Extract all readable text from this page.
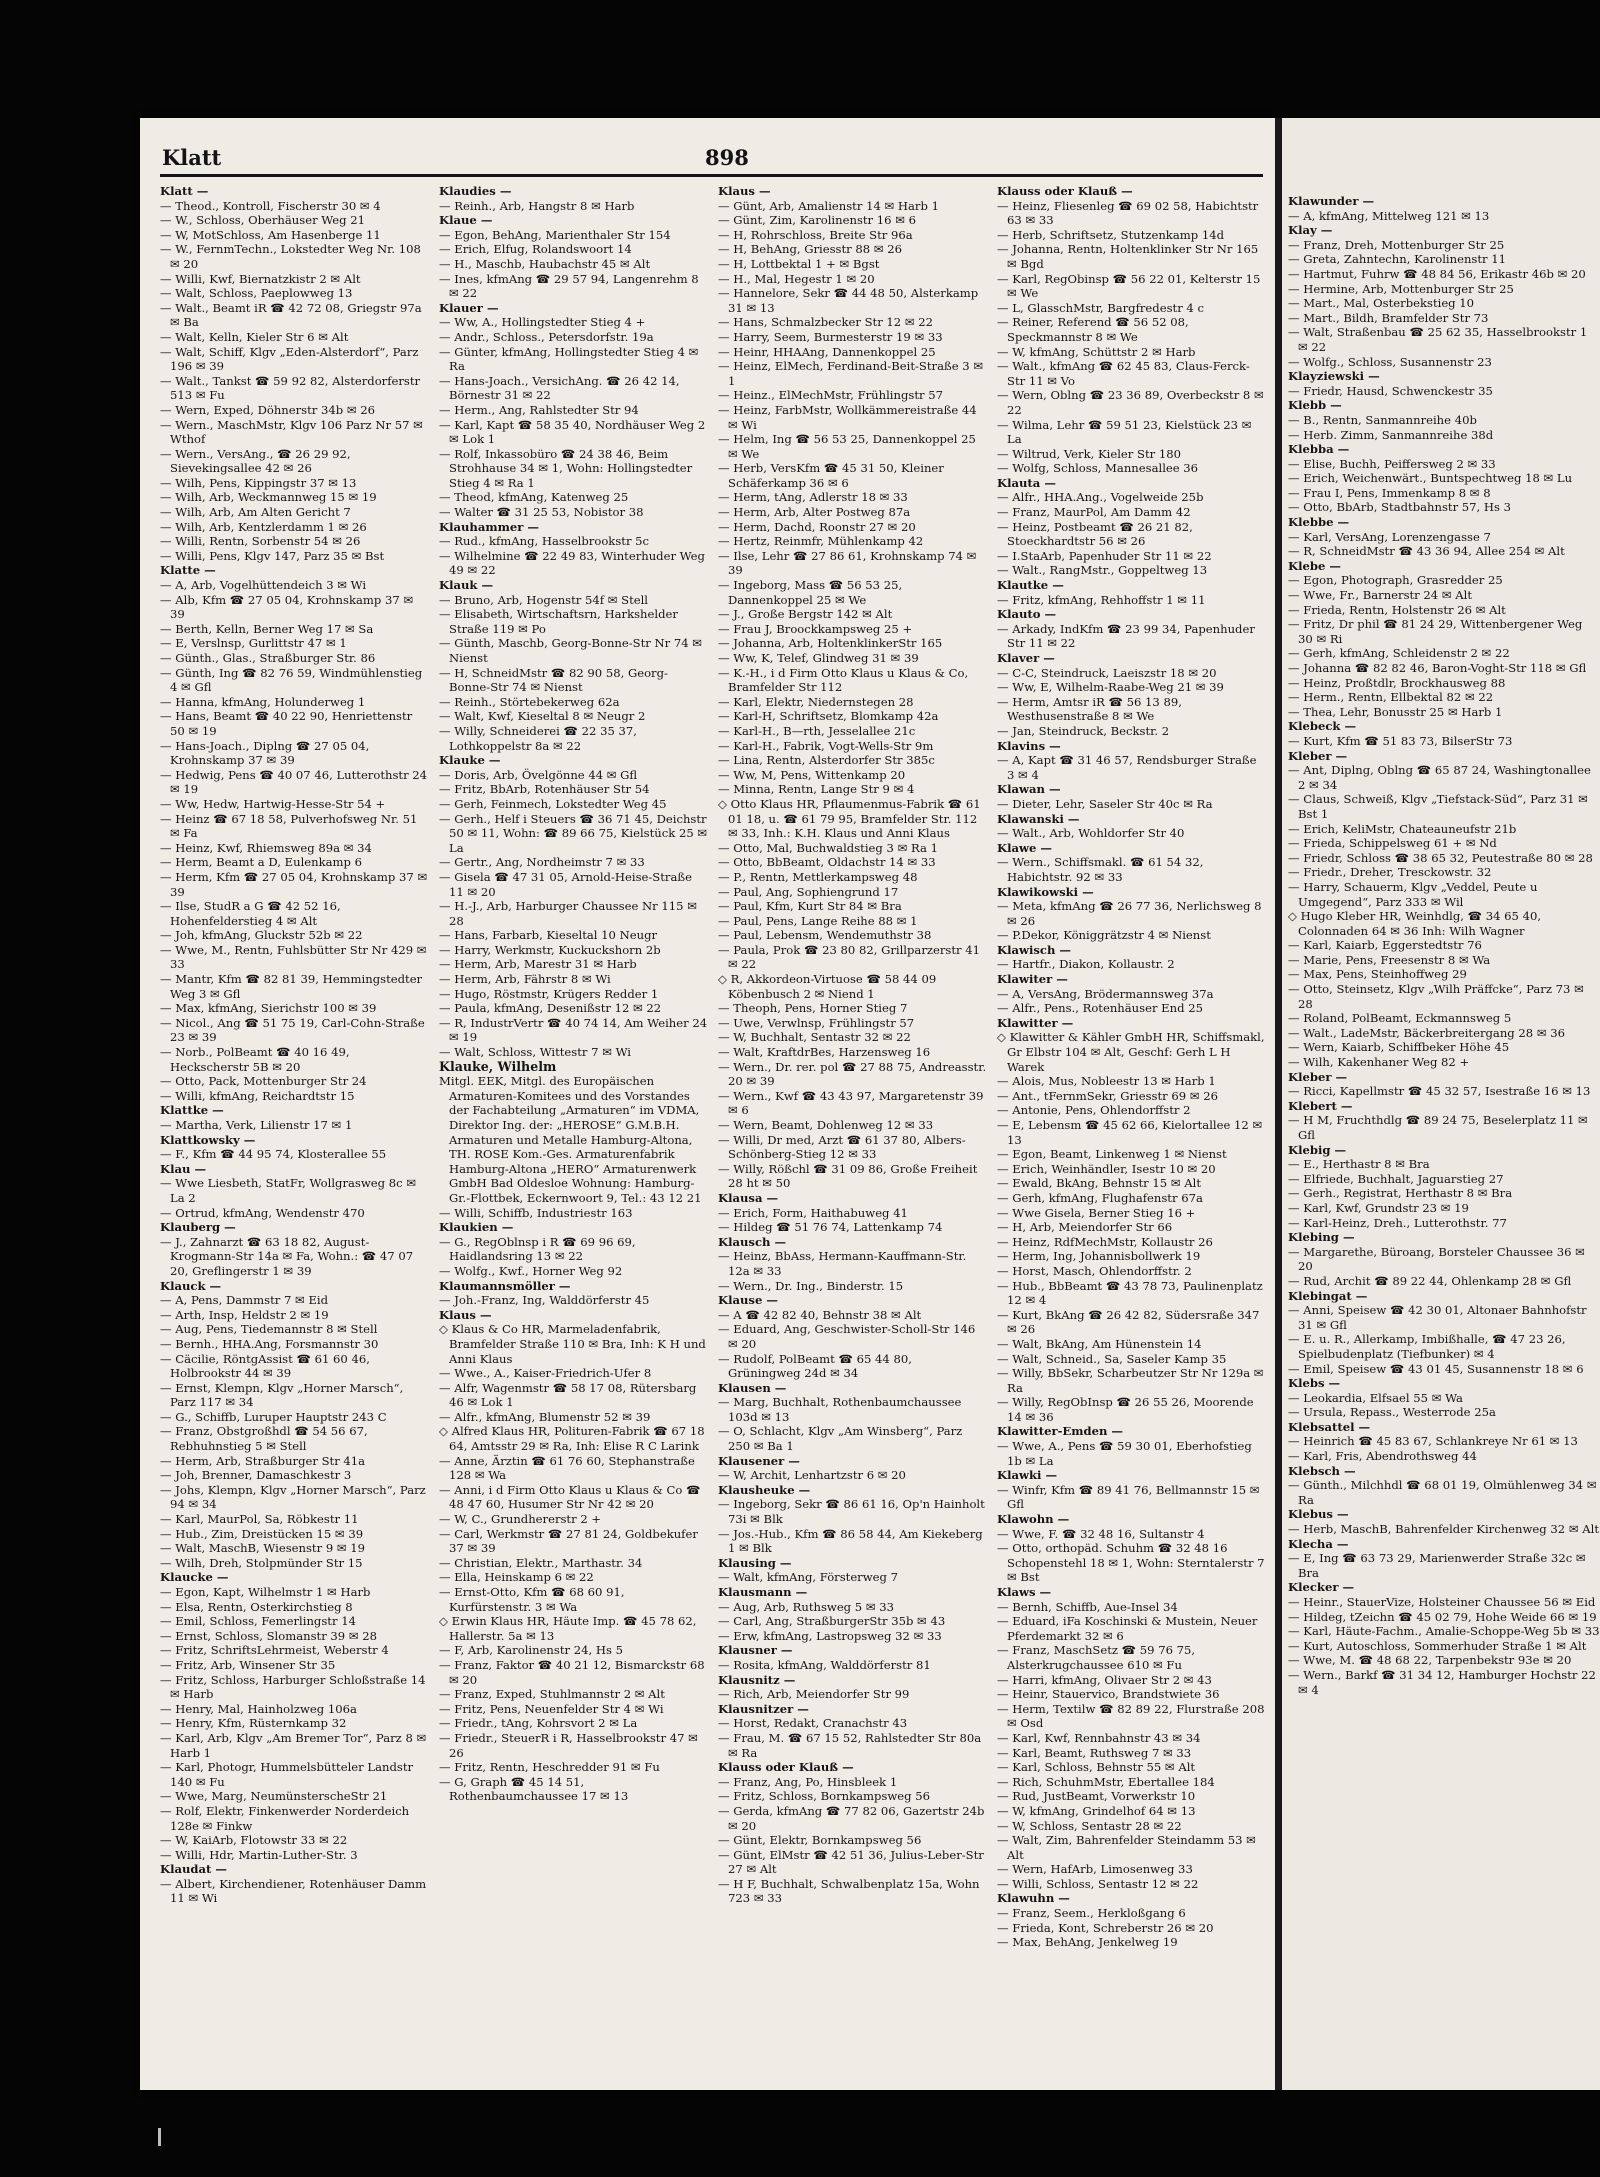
Klatt	898
Klatt —
— Theod., Kontroll, Fischerstr 30 ✉ 4
— W., Schloss, Oberhäuser Weg 21
— W, MotSchloss, Am Hasenberge 11
— W., FernmTechn., Lokstedter Weg Nr. 108 ✉ 20
— Willi, Kwf, Biernatzkistr 2 ✉ Alt
— Walt, Schloss, Paeplowweg 13
— Walt., Beamt iR ☎ 42 72 08, Griegstr 97a ✉ Ba
— Walt, Kelln, Kieler Str 6 ✉ Alt
— Walt, Schiff, Klgv „Eden-Alsterdorf“, Parz 196 ✉ 39
— Walt., Tankst ☎ 59 92 82, Alsterdorferstr 513 ✉ Fu
— Wern, Exped, Döhnerstr 34b ✉ 26
— Wern., MaschMstr, Klgv 106 Parz Nr 57 ✉ Wthof
— Wern., VersAng., ☎ 26 29 92, Sievekingsallee 42 ✉ 26
— Wilh, Pens, Kippingstr 37 ✉ 13
— Wilh, Arb, Weckmannweg 15 ✉ 19
— Wilh, Arb, Am Alten Gericht 7
— Wilh, Arb, Kentzlerdamm 1 ✉ 26
— Willi, Rentn, Sorbenstr 54 ✉ 26
— Willi, Pens, Klgv 147, Parz 35 ✉ Bst
Klatte —
— A, Arb, Vogelhüttendeich 3 ✉ Wi
— Alb, Kfm ☎ 27 05 04, Krohnskamp 37 ✉ 39
— Berth, Kelln, Berner Weg 17 ✉ Sa
— E, Verslnsp, Gurlittstr 47 ✉ 1
— Günth., Glas., Straßburger Str. 86
— Günth, Ing ☎ 82 76 59, Windmühlenstieg 4 ✉ Gfl
— Hanna, kfmAng, Holunderweg 1
— Hans, Beamt ☎ 40 22 90, Henriettenstr 50 ✉ 19
— Hans-Joach., Diplng ☎ 27 05 04, Krohnskamp 37 ✉ 39
— Hedwig, Pens ☎ 40 07 46, Lutterothstr 24 ✉ 19
— Ww, Hedw, Hartwig-Hesse-Str 54 +
— Heinz ☎ 67 18 58, Pulverhofsweg Nr. 51 ✉ Fa
— Heinz, Kwf, Rhiemsweg 89a ✉ 34
— Herm, Beamt a D, Eulenkamp 6
— Herm, Kfm ☎ 27 05 04, Krohnskamp 37 ✉ 39
— Ilse, StudR a G ☎ 42 52 16, Hohenfelderstieg 4 ✉ Alt
— Joh, kfmAng, Gluckstr 52b ✉ 22
— Wwe, M., Rentn, Fuhlsbütter Str Nr 429 ✉ 33
— Mantr, Kfm ☎ 82 81 39, Hemmingstedter Weg 3 ✉ Gfl
— Max, kfmAng, Sierichstr 100 ✉ 39
— Nicol., Ang ☎ 51 75 19, Carl-Cohn-Straße 23 ✉ 39
— Norb., PolBeamt ☎ 40 16 49, Heckscherstr 5B ✉ 20
— Otto, Pack, Mottenburger Str 24
— Willi, kfmAng, Reichardtstr 15
Klattke —
— Martha, Verk, Lilienstr 17 ✉ 1
Klattkowsky —
— F., Kfm ☎ 44 95 74, Klosterallee 55
Klau —
— Wwe Liesbeth, StatFr, Wollgrasweg 8c ✉ La 2
— Ortrud, kfmAng, Wendenstr 470
Klauberg —
— J., Zahnarzt ☎ 63 18 82, August-Krogmann-Str 14a ✉ Fa, Wohn.: ☎ 47 07 20, Greflingerstr 1 ✉ 39
Klauck —
— A, Pens, Dammstr 7 ✉ Eid
— Arth, Insp, Heldstr 2 ✉ 19
— Aug, Pens, Tiedemannstr 8 ✉ Stell
— Bernh., HHA.Ang, Forsmannstr 30
— Cäcilie, RöntgAssist ☎ 61 60 46, Holbrookstr 44 ✉ 39
— Ernst, Klempn, Klgv „Horner Marsch“, Parz 117 ✉ 34
— G., Schiffb, Luruper Hauptstr 243 C
— Franz, Obstgroßhdl ☎ 54 56 67, Rebhuhnstieg 5 ✉ Stell
— Herm, Arb, Straßburger Str 41a
— Joh, Brenner, Damaschkestr 3
— Johs, Klempn, Klgv „Horner Marsch“, Parz 94 ✉ 34
— Karl, MaurPol, Sa, Röbkestr 11
— Hub., Zim, Dreistücken 15 ✉ 39
— Walt, MaschB, Wiesenstr 9 ✉ 19
— Wilh, Dreh, Stolpmünder Str 15
Klaucke —
— Egon, Kapt, Wilhelmstr 1 ✉ Harb
— Elsa, Rentn, Osterkirchstieg 8
— Emil, Schloss, Femerlingstr 14
— Ernst, Schloss, Slomanstr 39 ✉ 28
— Fritz, SchriftsLehrmeist, Weberstr 4
— Fritz, Arb, Winsener Str 35
— Fritz, Schloss, Harburger Schloßstraße 14 ✉ Harb
— Henry, Mal, Hainholzweg 106a
— Henry, Kfm, Rüsternkamp 32
— Karl, Arb, Klgv „Am Bremer Tor“, Parz 8 ✉ Harb 1
— Karl, Photogr, Hummelsbütteler Landstr 140 ✉ Fu
— Wwe, Marg, NeumünsterscheStr 21
— Rolf, Elektr, Finkenwerder Norderdeich 128e ✉ Finkw
— W, KaiArb, Flotowstr 33 ✉ 22
— Willi, Hdr, Martin-Luther-Str. 3
Klaudat —
— Albert, Kirchendiener, Rotenhäuser Damm 11 ✉ Wi
Klaudies —
— Reinh., Arb, Hangstr 8 ✉ Harb
Klaue —
— Egon, BehAng, Marienthaler Str 154
— Erich, Elfug, Rolandswoort 14
— H., Maschb, Haubachstr 45 ✉ Alt
— Ines, kfmAng ☎ 29 57 94, Langenrehm 8 ✉ 22
Klauer —
— Ww, A., Hollingstedter Stieg 4 +
— Andr., Schloss., Petersdorfstr. 19a
— Günter, kfmAng, Hollingstedter Stieg 4 ✉ Ra
— Hans-Joach., VersichAng. ☎ 26 42 14, Börnestr 31 ✉ 22
— Herm., Ang, Rahlstedter Str 94
— Karl, Kapt ☎ 58 35 40, Nordhäuser Weg 2 ✉ Lok 1
— Rolf, Inkassobüro ☎ 24 38 46, Beim Strohhause 34 ✉ 1, Wohn: Hollingstedter Stieg 4 ✉ Ra 1
— Theod, kfmAng, Katenweg 25
— Walter ☎ 31 25 53, Nobistor 38
Klauhammer —
— Rud., kfmAng, Hasselbrookstr 5c
— Wilhelmine ☎ 22 49 83, Winterhuder Weg 49 ✉ 22
Klauk —
— Bruno, Arb, Hogenstr 54f ✉ Stell
— Elisabeth, Wirtschaftsrn, Harkshelder Straße 119 ✉ Po
— Günth, Maschb, Georg-Bonne-Str Nr 74 ✉ Nienst
— H, SchneidMstr ☎ 82 90 58, Georg-Bonne-Str 74 ✉ Nienst
— Reinh., Störtebekerweg 62a
— Walt, Kwf, Kieseltal 8 ✉ Neugr 2
— Willy, Schneiderei ☎ 22 35 37, Lothkoppelstr 8a ✉ 22
Klauke —
— Doris, Arb, Övelgönne 44 ✉ Gfl
— Fritz, BbArb, Rotenhäuser Str 54
— Gerh, Feinmech, Lokstedter Weg 45
— Gerh., Helf i Steuers ☎ 36 71 45, Deichstr 50 ✉ 11, Wohn: ☎ 89 66 75, Kielstück 25 ✉ La
— Gertr., Ang, Nordheimstr 7 ✉ 33
— Gisela ☎ 47 31 05, Arnold-Heise-Straße 11 ✉ 20
— H.-J., Arb, Harburger Chaussee Nr 115 ✉ 28
— Hans, Farbarb, Kieseltal 10 Neugr
— Harry, Werkmstr, Kuckuckshorn 2b
— Herm, Arb, Marestr 31 ✉ Harb
— Herm, Arb, Fährstr 8 ✉ Wi
— Hugo, Röstmstr, Krügers Redder 1
— Paula, kfmAng, Desenißstr 12 ✉ 22
— R, IndustrVertr ☎ 40 74 14, Am Weiher 24 ✉ 19
— Walt, Schloss, Wittestr 7 ✉ Wi
Klauke, Wilhelm
Mitgl. EEK, Mitgl. des Europäischen Armaturen-Komitees und des Vorstandes der Fachabteilung „Armaturen“ im VDMA, Direktor Ing. der: „HEROSE“ G.M.B.H. Armaturen und Metalle Hamburg-Altona, TH. ROSE Kom.-Ges. Armaturenfabrik Hamburg-Altona „HERO“ Armaturenwerk GmbH Bad Oldesloe Wohnung: Hamburg-Gr.-Flottbek, Eckernwoort 9, Tel.: 43 12 21
— Willi, Schiffb, Industriestr 163
Klaukien —
— G., RegOblnsp i R ☎ 69 96 69, Haidlandsring 13 ✉ 22
— Wolfg., Kwf., Horner Weg 92
Klaumannsmöller —
— Joh.-Franz, Ing, Walddörferstr 45
Klaus —
◇ Klaus & Co HR, Marmeladenfabrik, Bramfelder Straße 110 ✉ Bra, Inh: K H und Anni Klaus
— Wwe., A., Kaiser-Friedrich-Ufer 8
— Alfr, Wagenmstr ☎ 58 17 08, Rütersbarg 46 ✉ Lok 1
— Alfr., kfmAng, Blumenstr 52 ✉ 39
◇ Alfred Klaus HR, Polituren-Fabrik ☎ 67 18 64, Amtsstr 29 ✉ Ra, Inh: Elise R C Larink
— Anne, Ärztin ☎ 61 76 60, Stephanstraße 128 ✉ Wa
— Anni, i d Firm Otto Klaus u Klaus & Co ☎ 48 47 60, Husumer Str Nr 42 ✉ 20
— W, C., Grundhererstr 2 +
— Carl, Werkmstr ☎ 27 81 24, Goldbekufer 37 ✉ 39
— Christian, Elektr., Marthastr. 34
— Ella, Heinskamp 6 ✉ 22
— Ernst-Otto, Kfm ☎ 68 60 91, Kurfürstenstr. 3 ✉ Wa
◇ Erwin Klaus HR, Häute Imp. ☎ 45 78 62, Hallerstr. 5a ✉ 13
— F, Arb, Karolinenstr 24, Hs 5
— Franz, Faktor ☎ 40 21 12, Bismarckstr 68 ✉ 20
— Franz, Exped, Stuhlmannstr 2 ✉ Alt
— Fritz, Pens, Neuenfelder Str 4 ✉ Wi
— Friedr., tAng, Kohrsvort 2 ✉ La
— Friedr., SteuerR i R, Hasselbrookstr 47 ✉ 26
— Fritz, Rentn, Heschredder 91 ✉ Fu
— G, Graph ☎ 45 14 51, Rothenbaumchaussee 17 ✉ 13
Klaus —
— Günt, Arb, Amalienstr 14 ✉ Harb 1
— Günt, Zim, Karolinenstr 16 ✉ 6
— H, Rohrschloss, Breite Str 96a
— H, BehAng, Griesstr 88 ✉ 26
— H, Lottbektal 1 + ✉ Bgst
— H., Mal, Hegestr 1 ✉ 20
— Hannelore, Sekr ☎ 44 48 50, Alsterkamp 31 ✉ 13
— Hans, Schmalzbecker Str 12 ✉ 22
— Harry, Seem, Burmesterstr 19 ✉ 33
— Heinr, HHAAng, Dannenkoppel 25
— Heinz, ElMech, Ferdinand-Beit-Straße 3 ✉ 1
— Heinz., ElMechMstr, Frühlingstr 57
— Heinz, FarbMstr, Wollkämmereistraße 44 ✉ Wi
— Helm, Ing ☎ 56 53 25, Dannenkoppel 25 ✉ We
— Herb, VersKfm ☎ 45 31 50, Kleiner Schäferkamp 36 ✉ 6
— Herm, tAng, Adlerstr 18 ✉ 33
— Herm, Arb, Alter Postweg 87a
— Herm, Dachd, Roonstr 27 ✉ 20
— Hertz, Reinmfr, Mühlenkamp 42
— Ilse, Lehr ☎ 27 86 61, Krohnskamp 74 ✉ 39
— Ingeborg, Mass ☎ 56 53 25, Dannenkoppel 25 ✉ We
— J., Große Bergstr 142 ✉ Alt
— Frau J, Broockkampsweg 25 +
— Johanna, Arb, HoltenklinkerStr 165
— Ww, K, Telef, Glindweg 31 ✉ 39
— K.-H., i d Firm Otto Klaus u Klaus & Co, Bramfelder Str 112
— Karl, Elektr, Niedernstegen 28
— Karl-H, Schriftsetz, Blomkamp 42a
— Karl-H., B—rth, Jesselallee 21c
— Karl-H., Fabrik, Vogt-Wells-Str 9m
— Lina, Rentn, Alsterdorfer Str 385c
— Ww, M, Pens, Wittenkamp 20
— Minna, Rentn, Lange Str 9 ✉ 4
◇ Otto Klaus HR, Pflaumenmus-Fabrik ☎ 61 01 18, u. ☎ 61 79 95, Bramfelder Str. 112 ✉ 33, Inh.: K.H. Klaus und Anni Klaus
— Otto, Mal, Buchwaldstieg 3 ✉ Ra 1
— Otto, BbBeamt, Oldachstr 14 ✉ 33
— P., Rentn, Mettlerkampsweg 48
— Paul, Ang, Sophiengrund 17
— Paul, Kfm, Kurt Str 84 ✉ Bra
— Paul, Pens, Lange Reihe 88 ✉ 1
— Paul, Lebensm, Wendemuthstr 38
— Paula, Prok ☎ 23 80 82, Grillparzerstr 41 ✉ 22
◇ R, Akkordeon-Virtuose ☎ 58 44 09 Köbenbusch 2 ✉ Niend 1
— Theoph, Pens, Horner Stieg 7
— Uwe, Verwlnsp, Frühlingstr 57
— W, Buchhalt, Sentastr 32 ✉ 22
— Walt, KraftdrBes, Harzensweg 16
— Wern., Dr. rer. pol ☎ 27 88 75, Andreasstr. 20 ✉ 39
— Wern., Kwf ☎ 43 43 97, Margaretenstr 39 ✉ 6
— Wern, Beamt, Dohlenweg 12 ✉ 33
— Willi, Dr med, Arzt ☎ 61 37 80, Albers-Schönberg-Stieg 12 ✉ 33
— Willy, Rößchl ☎ 31 09 86, Große Freiheit 28 ht ✉ 50
Klausa —
— Erich, Form, Haithabuweg 41
— Hildeg ☎ 51 76 74, Lattenkamp 74
Klausch —
— Heinz, BbAss, Hermann-Kauffmann-Str. 12a ✉ 33
— Wern., Dr. Ing., Binderstr. 15
Klause —
— A ☎ 42 82 40, Behnstr 38 ✉ Alt
— Eduard, Ang, Geschwister-Scholl-Str 146 ✉ 20
— Rudolf, PolBeamt ☎ 65 44 80, Grüningweg 24d ✉ 34
Klausen —
— Marg, Buchhalt, Rothenbaumchaussee 103d ✉ 13
— O, Schlacht, Klgv „Am Winsberg“, Parz 250 ✉ Ba 1
Klausener —
— W, Archit, Lenhartzstr 6 ✉ 20
Klausheuke —
— Ingeborg, Sekr ☎ 86 61 16, Op'n Hainholt 73i ✉ Blk
— Jos.-Hub., Kfm ☎ 86 58 44, Am Kiekeberg 1 ✉ Blk
Klausing —
— Walt, kfmAng, Försterweg 7
Klausmann —
— Aug, Arb, Ruthsweg 5 ✉ 33
— Carl, Ang, StraßburgerStr 35b ✉ 43
— Erw, kfmAng, Lastropsweg 32 ✉ 33
Klausner —
— Rosita, kfmAng, Walddörferstr 81
Klausnitz —
— Rich, Arb, Meiendorfer Str 99
Klausnitzer —
— Horst, Redakt, Cranachstr 43
— Frau, M. ☎ 67 15 52, Rahlstedter Str 80a ✉ Ra
Klauss oder Klauß —
— Franz, Ang, Po, Hinsbleek 1
— Fritz, Schloss, Bornkampsweg 56
— Gerda, kfmAng ☎ 77 82 06, Gazertstr 24b ✉ 20
— Günt, Elektr, Bornkampsweg 56
— Günt, ElMstr ☎ 42 51 36, Julius-Leber-Str 27 ✉ Alt
— H F, Buchhalt, Schwalbenplatz 15a, Wohn 723 ✉ 33
Klauss oder Klauß —
— Heinz, Fliesenleg ☎ 69 02 58, Habichtstr 63 ✉ 33
— Herb, Schriftsetz, Stutzenkamp 14d
— Johanna, Rentn, Holtenklinker Str Nr 165 ✉ Bgd
— Karl, RegObinsp ☎ 56 22 01, Kelterstr 15 ✉ We
— L, GlasschMstr, Bargfredestr 4 c
— Reiner, Referend ☎ 56 52 08, Speckmannstr 8 ✉ We
— W, kfmAng, Schüttstr 2 ✉ Harb
— Walt., kfmAng ☎ 62 45 83, Claus-Ferck-Str 11 ✉ Vo
— Wern, Oblng ☎ 23 36 89, Overbeckstr 8 ✉ 22
— Wilma, Lehr ☎ 59 51 23, Kielstück 23 ✉ La
— Wiltrud, Verk, Kieler Str 180
— Wolfg, Schloss, Mannesallee 36
Klauta —
— Alfr., HHA.Ang., Vogelweide 25b
— Franz, MaurPol, Am Damm 42
— Heinz, Postbeamt ☎ 26 21 82, Stoeckhardtstr 56 ✉ 26
— I.StaArb, Papenhuder Str 11 ✉ 22
— Walt., RangMstr., Goppeltweg 13
Klautke —
— Fritz, kfmAng, Rehhoffstr 1 ✉ 11
Klauto —
— Arkady, IndKfm ☎ 23 99 34, Papenhuder Str 11 ✉ 22
Klaver —
— C-C, Steindruck, Laeiszstr 18 ✉ 20
— Ww, E, Wilhelm-Raabe-Weg 21 ✉ 39
— Herm, Amtsr iR ☎ 56 13 89, Westhusenstraße 8 ✉ We
— Jan, Steindruck, Beckstr. 2
Klavins —
— A, Kapt ☎ 31 46 57, Rendsburger Straße 3 ✉ 4
Klawan —
— Dieter, Lehr, Saseler Str 40c ✉ Ra
Klawanski —
— Walt., Arb, Wohldorfer Str 40
Klawe —
— Wern., Schiffsmakl. ☎ 61 54 32, Habichtstr. 92 ✉ 33
Klawikowski —
— Meta, kfmAng ☎ 26 77 36, Nerlichsweg 8 ✉ 26
— P.Dekor, Königgrätzstr 4 ✉ Nienst
Klawisch —
— Hartfr., Diakon, Kollaustr. 2
Klawiter —
— A, VersAng, Brödermannsweg 37a
— Alfr., Pens., Rotenhäuser End 25
Klawitter —
◇ Klawitter & Kähler GmbH HR, Schiffsmakl, Gr Elbstr 104 ✉ Alt, Geschf: Gerh L H Warek
— Alois, Mus, Nobleestr 13 ✉ Harb 1
— Ant., tFernmSekr, Griesstr 69 ✉ 26
— Antonie, Pens, Ohlendorffstr 2
— E, Lebensm ☎ 45 62 66, Kielortallee 12 ✉ 13
— Egon, Beamt, Linkenweg 1 ✉ Nienst
— Erich, Weinhändler, Isestr 10 ✉ 20
— Ewald, BkAng, Behnstr 15 ✉ Alt
— Gerh, kfmAng, Flughafenstr 67a
— Wwe Gisela, Berner Stieg 16 +
— H, Arb, Meiendorfer Str 66
— Heinz, RdfMechMstr, Kollaustr 26
— Herm, Ing, Johannisbollwerk 19
— Horst, Masch, Ohlendorffstr. 2
— Hub., BbBeamt ☎ 43 78 73, Paulinenplatz 12 ✉ 4
— Kurt, BkAng ☎ 26 42 82, Südersraße 347 ✉ 26
— Walt, BkAng, Am Hünenstein 14
— Walt, Schneid., Sa, Saseler Kamp 35
— Willy, BbSekr, Scharbeutzer Str Nr 129a ✉ Ra
— Willy, RegObInsp ☎ 26 55 26, Moorende 14 ✉ 36
Klawitter-Emden —
— Wwe, A., Pens ☎ 59 30 01, Eberhofstieg 1b ✉ La
Klawki —
— Winfr, Kfm ☎ 89 41 76, Bellmannstr 15 ✉ Gfl
Klawohn —
— Wwe, F. ☎ 32 48 16, Sultanstr 4
— Otto, orthopäd. Schuhm ☎ 32 48 16 Schopenstehl 18 ✉ 1, Wohn: Sterntalerstr 7 ✉ Bst
Klaws —
— Bernh, Schiffb, Aue-Insel 34
— Eduard, iFa Koschinski & Mustein, Neuer Pferdemarkt 32 ✉ 6
— Franz, MaschSetz ☎ 59 76 75, Alsterkrugchaussee 610 ✉ Fu
— Harri, kfmAng, Olivaer Str 2 ✉ 43
— Heinr, Stauervico, Brandstwiete 36
— Herm, Textilw ☎ 82 89 22, Flurstraße 208 ✉ Osd
— Karl, Kwf, Rennbahnstr 43 ✉ 34
— Karl, Beamt, Ruthsweg 7 ✉ 33
— Karl, Schloss, Behnstr 55 ✉ Alt
— Rich, SchuhmMstr, Ebertallee 184
— Rud, JustBeamt, Vorwerkstr 10
— W, kfmAng, Grindelhof 64 ✉ 13
— W, Schloss, Sentastr 28 ✉ 22
— Walt, Zim, Bahrenfelder Steindamm 53 ✉ Alt
— Wern, HafArb, Limosenweg 33
— Willi, Schloss, Sentastr 12 ✉ 22
Klawuhn —
— Franz, Seem., Herkloßgang 6
— Frieda, Kont, Schreberstr 26 ✉ 20
— Max, BehAng, Jenkelweg 19
Klawunder —
— A, kfmAng, Mittelweg 121 ✉ 13
Klay —
— Franz, Dreh, Mottenburger Str 25
— Greta, Zahntechn, Karolinenstr 11
— Hartmut, Fuhrw ☎ 48 84 56, Erikastr 46b ✉ 20
— Hermine, Arb, Mottenburger Str 25
— Mart., Mal, Osterbekstieg 10
— Mart., Bildh, Bramfelder Str 73
— Walt, Straßenbau ☎ 25 62 35, Hasselbrookstr 1 ✉ 22
— Wolfg., Schloss, Susannenstr 23
Klayziewski —
— Friedr, Hausd, Schwenckestr 35
Klebb —
— B., Rentn, Sanmannreihe 40b
— Herb. Zimm, Sanmannreihe 38d
Klebba —
— Elise, Buchh, Peiffersweg 2 ✉ 33
— Erich, Weichenwärt., Buntspechtweg 18 ✉ Lu
— Frau I, Pens, Immenkamp 8 ✉ 8
— Otto, BbArb, Stadtbahnstr 57, Hs 3
Klebbe —
— Karl, VersAng, Lorenzengasse 7
— R, SchneidMstr ☎ 43 36 94, Allee 254 ✉ Alt
Klebe —
— Egon, Photograph, Grasredder 25
— Wwe, Fr., Barnerstr 24 ✉ Alt
— Frieda, Rentn, Holstenstr 26 ✉ Alt
— Fritz, Dr phil ☎ 81 24 29, Wittenbergener Weg 30 ✉ Ri
— Gerh, kfmAng, Schleidenstr 2 ✉ 22
— Johanna ☎ 82 82 46, Baron-Voght-Str 118 ✉ Gfl
— Heinz, Proßtdlr, Brockhausweg 88
— Herm., Rentn, Ellbektal 82 ✉ 22
— Thea, Lehr, Bonusstr 25 ✉ Harb 1
Klebeck —
— Kurt, Kfm ☎ 51 83 73, BilserStr 73
Kleber —
— Ant, Diplng, Oblng ☎ 65 87 24, Washingtonallee 2 ✉ 34
— Claus, Schweiß, Klgv „Tiefstack-Süd“, Parz 31 ✉ Bst 1
— Erich, KeliMstr, Chateauneufstr 21b
— Frieda, Schippelsweg 61 + ✉ Nd
— Friedr, Schloss ☎ 38 65 32, Peutestraße 80 ✉ 28
— Friedr., Dreher, Tresckowstr. 32
— Harry, Schauerm, Klgv „Veddel, Peute u Umgegend“, Parz 333 ✉ Wil
◇ Hugo Kleber HR, Weinhdlg, ☎ 34 65 40, Colonnaden 64 ✉ 36 Inh: Wilh Wagner
— Karl, Kaiarb, Eggerstedtstr 76
— Marie, Pens, Freesenstr 8 ✉ Wa
— Max, Pens, Steinhoffweg 29
— Otto, Steinsetz, Klgv „Wilh Präffcke“, Parz 73 ✉ 28
— Roland, PolBeamt, Eckmannsweg 5
— Walt., LadeMstr, Bäckerbreitergang 28 ✉ 36
— Wern, Kaiarb, Schiffbeker Höhe 45
— Wilh, Kakenhaner Weg 82 +
Kleber —
— Ricci, Kapellmstr ☎ 45 32 57, Isestraße 16 ✉ 13
Klebert —
— H M, Fruchthdlg ☎ 89 24 75, Beselerplatz 11 ✉ Gfl
Klebig —
— E., Herthastr 8 ✉ Bra
— Elfriede, Buchhalt, Jaguarstieg 27
— Gerh., Registrat, Herthastr 8 ✉ Bra
— Karl, Kwf, Grundstr 23 ✉ 19
— Karl-Heinz, Dreh., Lutterothstr. 77
Klebing —
— Margarethe, Büroang, Borsteler Chaussee 36 ✉ 20
— Rud, Archit ☎ 89 22 44, Ohlenkamp 28 ✉ Gfl
Klebingat —
— Anni, Speisew ☎ 42 30 01, Altonaer Bahnhofstr 31 ✉ Gfl
— E. u. R., Allerkamp, Imbißhalle, ☎ 47 23 26, Spielbudenplatz (Tiefbunker) ✉ 4
— Emil, Speisew ☎ 43 01 45, Susannenstr 18 ✉ 6
Klebs —
— Leokardia, Elfsael 55 ✉ Wa
— Ursula, Repass., Westerrode 25a
Klebsattel —
— Heinrich ☎ 45 83 67, Schlankreye Nr 61 ✉ 13
— Karl, Fris, Abendrothsweg 44
Klebsch —
— Günth., Milchhdl ☎ 68 01 19, Olmühlenweg 34 ✉ Ra
Klebus —
— Herb, MaschB, Bahrenfelder Kirchenweg 32 ✉ Alt
Klecha —
— E, Ing ☎ 63 73 29, Marienwerder Straße 32c ✉ Bra
Klecker —
— Heinr., StauerVize, Holsteiner Chaussee 56 ✉ Eid
— Hildeg, tZeichn ☎ 45 02 79, Hohe Weide 66 ✉ 19
— Karl, Häute-Fachm., Amalie-Schoppe-Weg 5b ✉ 33
— Kurt, Autoschloss, Sommerhuder Straße 1 ✉ Alt
— Wwe, M. ☎ 48 68 22, Tarpenbekstr 93e ✉ 20
— Wern., Barkf ☎ 31 34 12, Hamburger Hochstr 22 ✉ 4
